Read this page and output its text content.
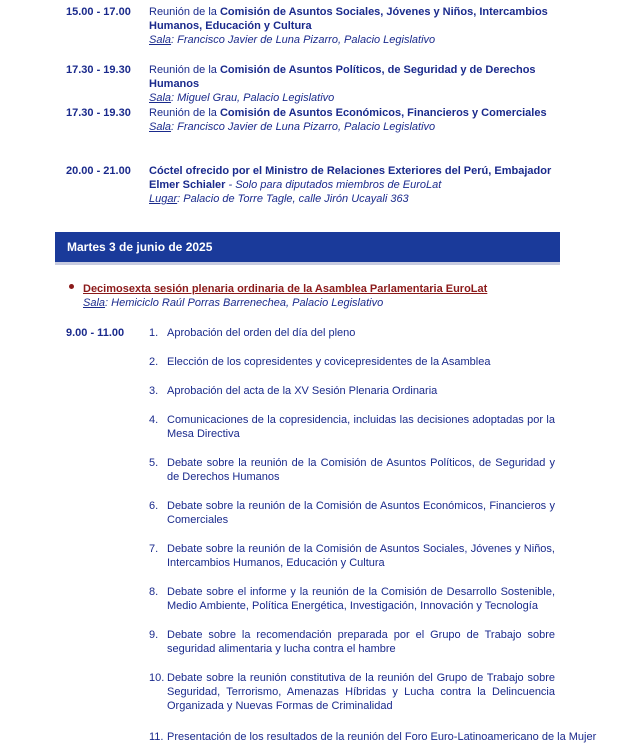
15.00 - 17.00 Reunión de la Comisión de Asuntos Sociales, Jóvenes y Niños, Intercambios Humanos, Educación y Cultura
Sala: Francisco Javier de Luna Pizarro, Palacio Legislativo
17.30 - 19.30 Reunión de la Comisión de Asuntos Políticos, de Seguridad y de Derechos Humanos
Sala: Miguel Grau, Palacio Legislativo
17.30 - 19.30 Reunión de la Comisión de Asuntos Económicos, Financieros y Comerciales
Sala: Francisco Javier de Luna Pizarro, Palacio Legislativo
20.00 - 21.00 Cóctel ofrecido por el Ministro de Relaciones Exteriores del Perú, Embajador Elmer Schialer - Solo para diputados miembros de EuroLat
Lugar: Palacio de Torre Tagle, calle Jirón Ucayali 363
Martes 3 de junio de 2025
Decimosexta sesión plenaria ordinaria de la Asamblea Parlamentaria EuroLat
Sala: Hemiciclo Raúl Porras Barrenechea, Palacio Legislativo
9.00 - 11.00 1. Aprobación del orden del día del pleno
2. Elección de los copresidentes y covicepresidentes de la Asamblea
3. Aprobación del acta de la XV Sesión Plenaria Ordinaria
4. Comunicaciones de la copresidencia, incluidas las decisiones adoptadas por la Mesa Directiva
5. Debate sobre la reunión de la Comisión de Asuntos Políticos, de Seguridad y de Derechos Humanos
6. Debate sobre la reunión de la Comisión de Asuntos Económicos, Financieros y Comerciales
7. Debate sobre la reunión de la Comisión de Asuntos Sociales, Jóvenes y Niños, Intercambios Humanos, Educación y Cultura
8. Debate sobre el informe y la reunión de la Comisión de Desarrollo Sostenible, Medio Ambiente, Política Energética, Investigación, Innovación y Tecnología
9. Debate sobre la recomendación preparada por el Grupo de Trabajo sobre seguridad alimentaria y lucha contra el hambre
10. Debate sobre la reunión constitutiva de la reunión del Grupo de Trabajo sobre Seguridad, Terrorismo, Amenazas Híbridas y Lucha contra la Delincuencia Organizada y Nuevas Formas de Criminalidad
11. Presentación de los resultados de la reunión del Foro Euro-Latinoamericano de la Mujer
